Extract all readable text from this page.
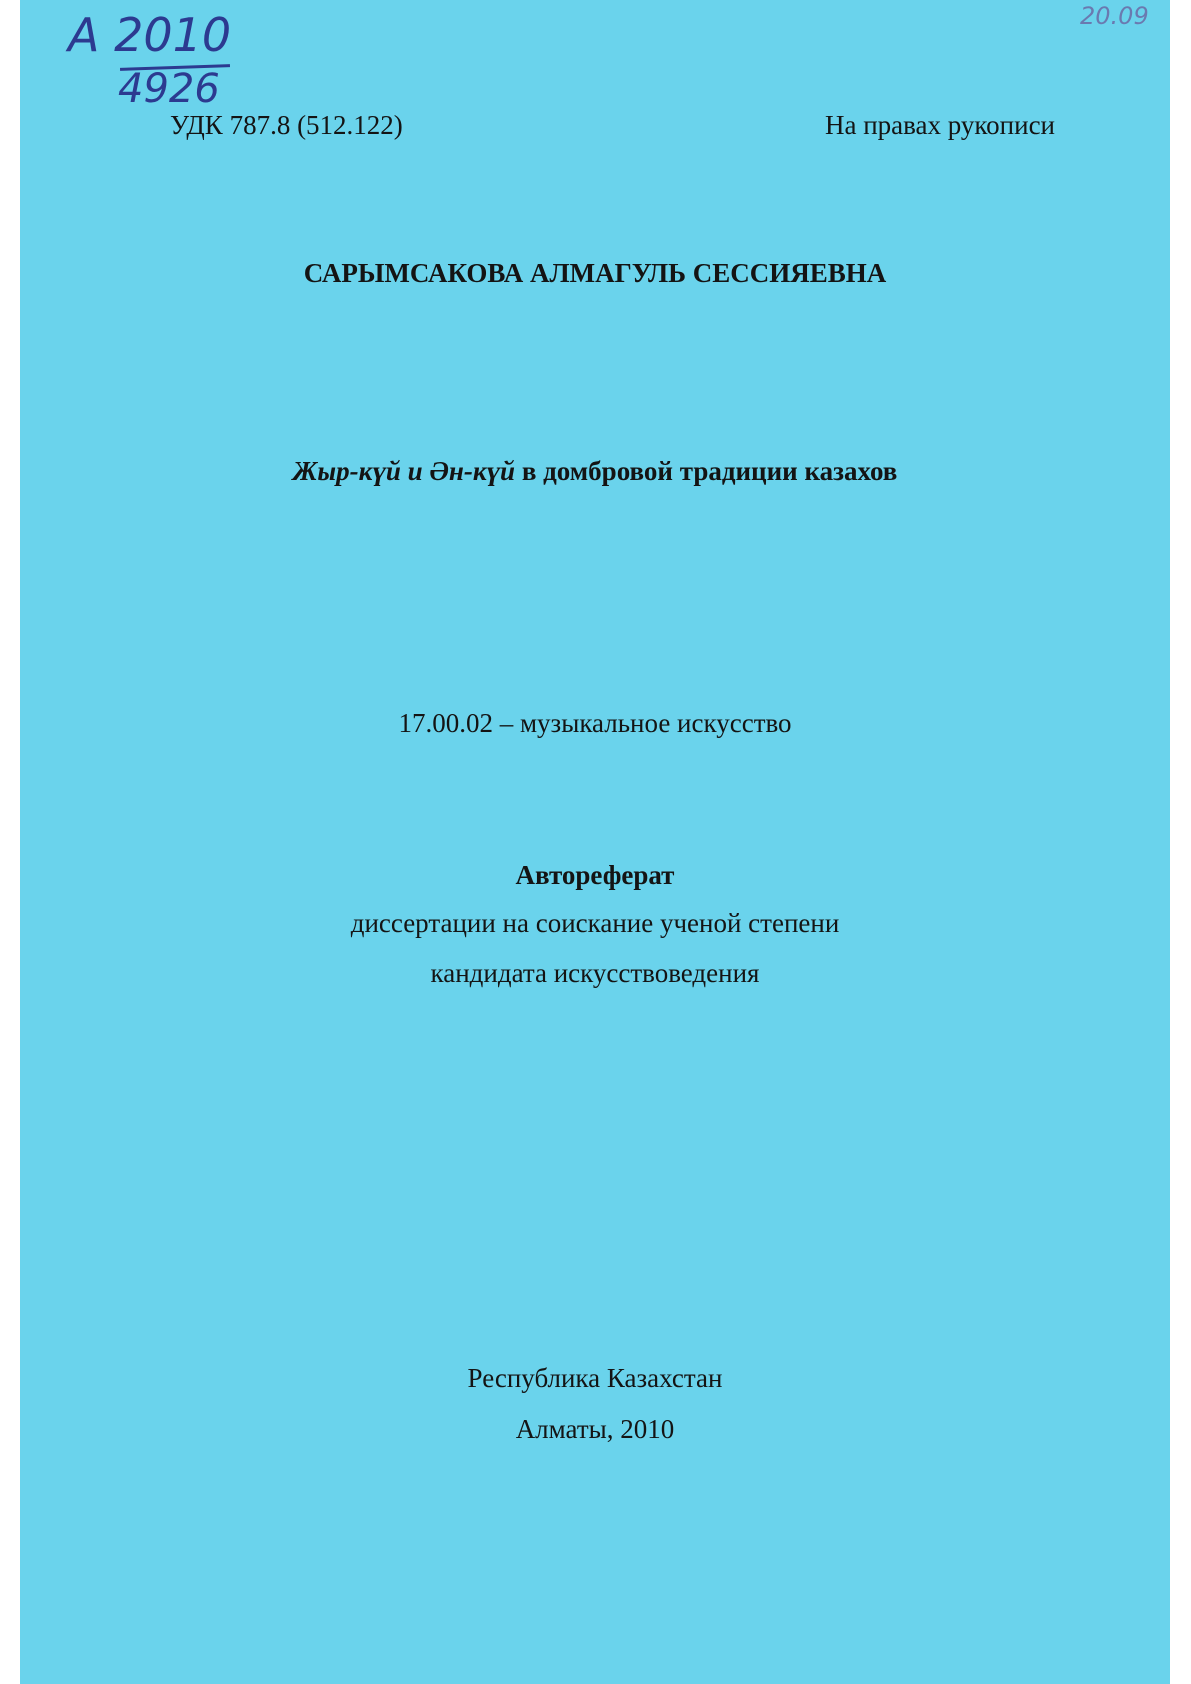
А 2010
4926
20.09
УДК 787.8 (512.122)	На правах рукописи
САРЫМСАКОВА АЛМАГУЛЬ СЕССИЯЕВНА
Жыр-күй и Ән-күй в домбровой традиции казахов
17.00.02 – музыкальное искусство
Автореферат
диссертации на соискание ученой степени
кандидата искусствоведения
Республика Казахстан
Алматы, 2010
